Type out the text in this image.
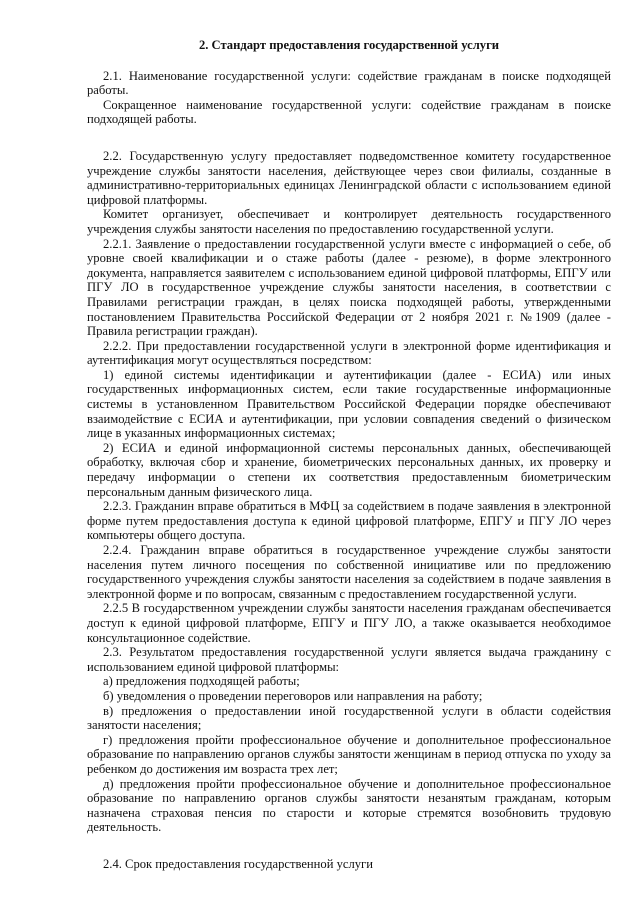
2. Стандарт предоставления государственной услуги

2.1. Наименование государственной услуги: содействие гражданам в поиске подходящей работы.

Сокращенное наименование государственной услуги: содействие гражданам в поиске подходящей работы.

2.2. Государственную услугу предоставляет подведомственное комитету государственное учреждение службы занятости населения, действующее через свои филиалы, созданные в административно-территориальных единицах Ленинградской области с использованием единой цифровой платформы.

Комитет организует, обеспечивает и контролирует деятельность государственного учреждения службы занятости населения по предоставлению государственной услуги.

2.2.1. Заявление о предоставлении государственной услуги вместе с информацией о себе, об уровне своей квалификации и о стаже работы (далее - резюме), в форме электронного документа, направляется заявителем с использованием единой цифровой платформы, ЕПГУ или ПГУ ЛО в государственное учреждение службы занятости населения, в соответствии с Правилами регистрации граждан, в целях поиска подходящей работы, утвержденными постановлением Правительства Российской Федерации от 2 ноября 2021 г. №1909 (далее - Правила регистрации граждан).

2.2.2. При предоставлении государственной услуги в электронной форме идентификация и аутентификация могут осуществляться посредством:

1) единой системы идентификации и аутентификации (далее - ЕСИА) или иных государственных информационных систем, если такие государственные информационные системы в установленном Правительством Российской Федерации порядке обеспечивают взаимодействие с ЕСИА и аутентификации, при условии совпадения сведений о физическом лице в указанных информационных системах;

2) ЕСИА и единой информационной системы персональных данных, обеспечивающей обработку, включая сбор и хранение, биометрических персональных данных, их проверку и передачу информации о степени их соответствия предоставленным биометрическим персональным данным физического лица.

2.2.3. Гражданин вправе обратиться в МФЦ за содействием в подаче заявления в электронной форме путем предоставления доступа к единой цифровой платформе, ЕПГУ и ПГУ ЛО через компьютеры общего доступа.

2.2.4. Гражданин вправе обратиться в государственное учреждение службы занятости населения путем личного посещения по собственной инициативе или по предложению государственного учреждения службы занятости населения за содействием в подаче заявления в электронной форме и по вопросам, связанным с предоставлением государственной услуги.

2.2.5 В государственном учреждении службы занятости населения гражданам обеспечивается доступ к единой цифровой платформе, ЕПГУ и ПГУ ЛО, а также оказывается необходимое консультационное содействие.

2.3. Результатом предоставления государственной услуги является выдача гражданину с использованием единой цифровой платформы:

а) предложения подходящей работы;

б) уведомления о проведении переговоров или направления на работу;

в) предложения о предоставлении иной государственной услуги в области содействия занятости населения;

г) предложения пройти профессиональное обучение и дополнительное профессиональное образование по направлению органов службы занятости женщинам в период отпуска по уходу за ребенком до достижения им возраста трех лет;

д) предложения пройти профессиональное обучение и дополнительное профессиональное образование по направлению органов службы занятости незанятым гражданам, которым назначена страховая пенсия по старости и которые стремятся возобновить трудовую деятельность.

2.4. Срок предоставления государственной услуги
